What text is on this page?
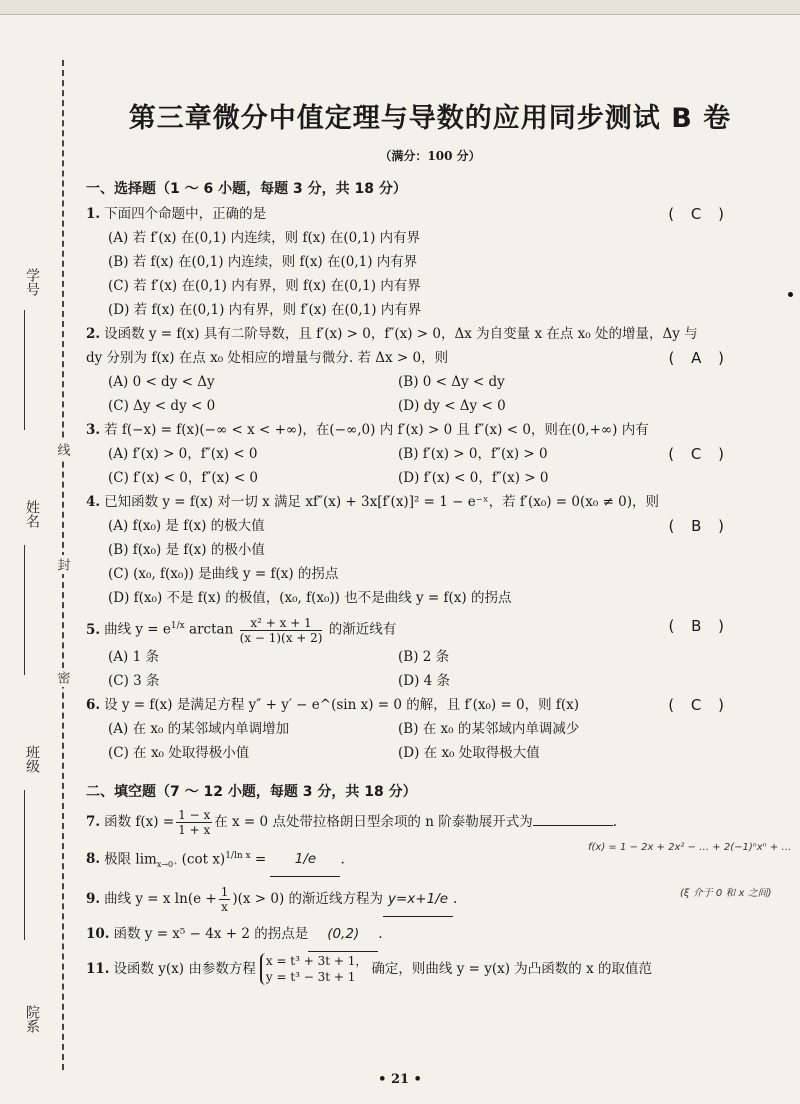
学号
姓名
班级
院系
线
封
密
第三章微分中值定理与导数的应用同步测试 B 卷
（满分：100 分）
一、选择题（1 ～ 6 小题，每题 3 分，共 18 分）
1. 下面四个命题中，正确的是	( C )
(A) 若 f′(x) 在(0,1) 内连续，则 f(x) 在(0,1) 内有界
(B) 若 f(x) 在(0,1) 内连续，则 f(x) 在(0,1) 内有界
(C) 若 f′(x) 在(0,1) 内有界，则 f(x) 在(0,1) 内有界
(D) 若 f(x) 在(0,1) 内有界，则 f′(x) 在(0,1) 内有界
2. 设函数 y = f(x) 具有二阶导数，且 f′(x) > 0，f″(x) > 0，Δx 为自变量 x 在点 x₀ 处的增量，Δy 与 dy 分别为 f(x) 在点 x₀ 处相应的增量与微分. 若 Δx > 0，则	( A )
(A) 0 < dy < Δy	(B) 0 < Δy < dy
(C) Δy < dy < 0	(D) dy < Δy < 0
3. 若 f(−x) = f(x)(−∞ < x < +∞)，在(−∞,0) 内 f′(x) > 0 且 f″(x) < 0，则在(0,+∞) 内有
( C )
(A) f′(x) > 0，f″(x) < 0	(B) f′(x) > 0，f″(x) > 0
(C) f′(x) < 0，f″(x) < 0	(D) f′(x) < 0，f″(x) > 0
4. 已知函数 y = f(x) 对一切 x 满足 xf″(x) + 3x[f′(x)]² = 1 − e⁻ˣ，若 f′(x₀) = 0(x₀ ≠ 0)，则
( B )
(A) f(x₀) 是 f(x) 的极大值
(B) f(x₀) 是 f(x) 的极小值
(C) (x₀, f(x₀)) 是曲线 y = f(x) 的拐点
(D) f(x₀) 不是 f(x) 的极值，(x₀, f(x₀)) 也不是曲线 y = f(x) 的拐点
5. 曲线 $y = e^{1/x}$ $\arctan \frac{\text{x² + x + 1}}{(x - 1)(x + 2)}$ 的渐近线有	( B )
(A) 1 条	(B) 2 条
(C) 3 条	(D) 4 条
6. 设 y = f(x) 是满足方程 y″ + y′ − e^(sin x) = 0 的解，且 f′(x₀) = 0，则 f(x)	( C )
(A) 在 x₀ 的某邻域内单调增加	(B) 在 x₀ 的某邻域内单调减少
(C) 在 x₀ 处取得极小值	(D) 在 x₀ 处取得极大值
二、填空题（7 ～ 12 小题，每题 3 分，共 18 分）
7. 函数 $f(x) = \frac{1 - x}{1 + x}$ 在 x = 0 点处带拉格朗日型余项的 n 阶泰勒展开式为	.
8. 极限 $\lim_{x\to 0^+} (\cot$ x)$^{1/ln x}$ = 1/e .
9. 曲线 y = x $\ln(e + \frac{1}{x} )(x > 0)$ 的渐近线方程为 y=x+1/e .
10. 函数 y = x⁵ − 4x + 2 的拐点是 (0,2) .
11. 设函数 y(x) 由参数方程 x = t³ + 3t + 1，
y = t³ − 3t + 1
确定，则曲线 y = y(x) 为凸函数的 x 的取值范
f(x) = 1 − 2x + 2x² − … + 2(−1)ⁿxⁿ + …
(ξ 介于 0 和 x 之间)
• 21 •
